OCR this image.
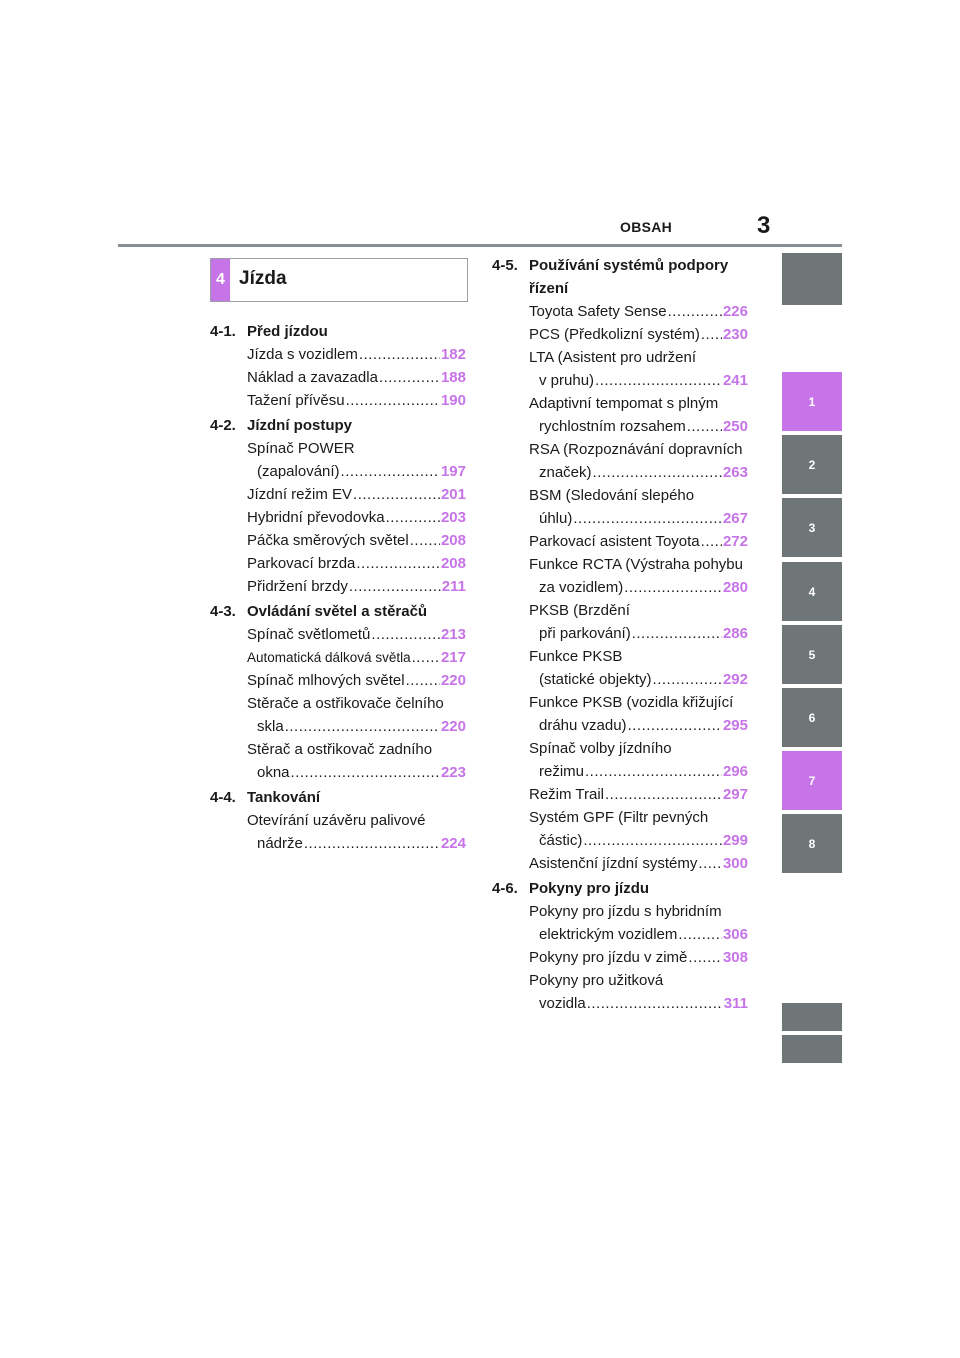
OBSAH	3
1
2
3
4
5
6
7
8
4 Jízda
4-1. Před jízdou
Jízda s vozidlem .....	182
Náklad a zavazadla .....	188
Tažení přívěsu .....	190
4-2. Jízdní postupy
Spínač POWER
(zapalování) .....	197
Jízdní režim EV .....	201
Hybridní převodovka .....	203
Páčka směrových světel ..... 208
Parkovací brzda .....	208
Přidržení brzdy .....	211
4-3. Ovládání světel a stěračů
Spínač světlometů .....	213
Automatická dálková světla ..... 217
Spínač mlhových světel ..... 220
Stěrače a ostřikovače čelního
skla .....	220
Stěrač a ostřikovač zadního
okna .....	223
4-4. Tankování
Otevírání uzávěru palivové
nádrže .....	224
4-5. Používání systémů podpory řízení
Toyota Safety Sense .....	226
PCS (Předkolizní systém) ..... 230
LTA (Asistent pro udržení
v pruhu) .....	241
Adaptivní tempomat s plným
rychlostním rozsahem ..... 250
RSA (Rozpoznávání dopravních
značek) .....	263
BSM (Sledování slepého
úhlu) .....	267
Parkovací asistent Toyota ..... 272
Funkce RCTA (Výstraha pohybu
za vozidlem) .....	280
PKSB (Brzdění
při parkování) .....	286
Funkce PKSB
(statické objekty) .....	292
Funkce PKSB (vozidla křižující
dráhu vzadu) .....	295
Spínač volby jízdního
režimu .....	296
Režim Trail .....	297
Systém GPF (Filtr pevných
částic) .....	299
Asistenční jízdní systémy ..... 300
4-6. Pokyny pro jízdu
Pokyny pro jízdu s hybridním
elektrickým vozidlem .....	306
Pokyny pro jízdu v zimě ..... 308
Pokyny pro užitková
vozidla .....	311
